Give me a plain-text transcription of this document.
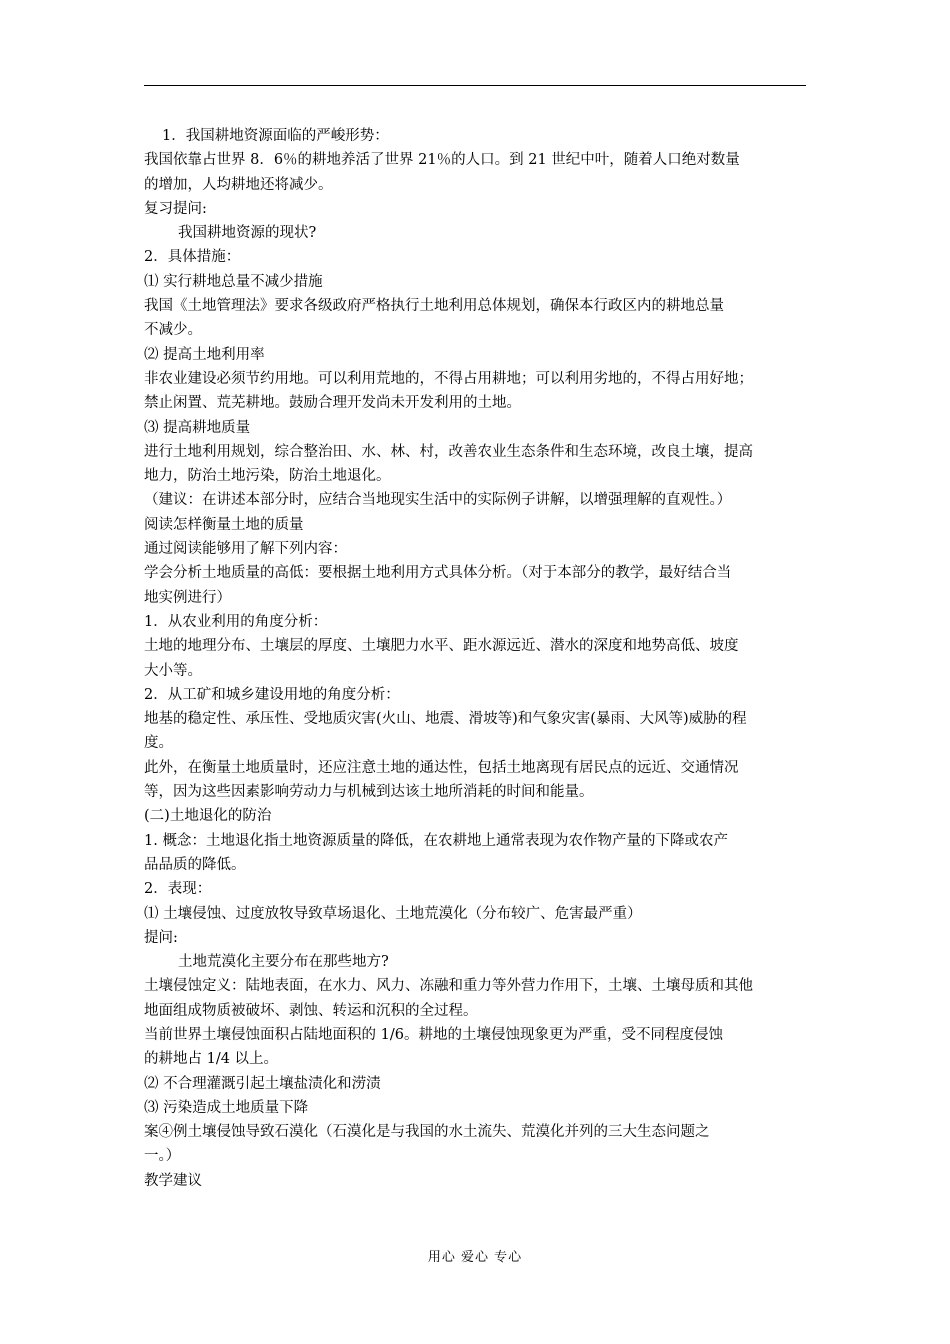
1．我国耕地资源面临的严峻形势：
我国依靠占世界 8．6％的耕地养活了世界 21％的人口。到 21 世纪中叶，随着人口绝对数量
的增加，人均耕地还将减少。
复习提问:
我国耕地资源的现状?
2．具体措施：
⑴ 实行耕地总量不减少措施
我国《土地管理法》要求各级政府严格执行土地利用总体规划，确保本行政区内的耕地总量
不减少。
⑵ 提高土地利用率
非农业建设必须节约用地。可以利用荒地的，不得占用耕地；可以利用劣地的，不得占用好地；
禁止闲置、荒芜耕地。鼓励合理开发尚未开发利用的土地。
⑶ 提高耕地质量
进行土地利用规划，综合整治田、水、林、村，改善农业生态条件和生态环境，改良土壤，提高
地力，防治土地污染，防治土地退化。
（建议：在讲述本部分时，应结合当地现实生活中的实际例子讲解，以增强理解的直观性。）
阅读怎样衡量土地的质量
通过阅读能够用了解下列内容：
学会分析土地质量的高低：要根据土地利用方式具体分析。（对于本部分的教学，最好结合当
地实例进行）
1．从农业利用的角度分析：
土地的地理分布、土壤层的厚度、土壤肥力水平、距水源远近、潜水的深度和地势高低、坡度
大小等。
2．从工矿和城乡建设用地的角度分析：
地基的稳定性、承压性、受地质灾害(火山、地震、滑坡等)和气象灾害(暴雨、大风等)威胁的程
度。
此外，在衡量土地质量时，还应注意土地的通达性，包括土地离现有居民点的远近、交通情况
等，因为这些因素影响劳动力与机械到达该土地所消耗的时间和能量。
(二)土地退化的防治
1. 概念：土地退化指土地资源质量的降低，在农耕地上通常表现为农作物产量的下降或农产
品品质的降低。
2．表现：
⑴ 土壤侵蚀、过度放牧导致草场退化、土地荒漠化（分布较广、危害最严重）
提问:
土地荒漠化主要分布在那些地方?
土壤侵蚀定义：陆地表面，在水力、风力、冻融和重力等外营力作用下，土壤、土壤母质和其他
地面组成物质被破坏、剥蚀、转运和沉积的全过程。
当前世界土壤侵蚀面积占陆地面积的 1/6。耕地的土壤侵蚀现象更为严重，受不同程度侵蚀
的耕地占 1/4 以上。
⑵ 不合理灌溉引起土壤盐渍化和涝渍
⑶ 污染造成土地质量下降
案④例土壤侵蚀导致石漠化（石漠化是与我国的水土流失、荒漠化并列的三大生态问题之
一。）
教学建议
用心 爱心 专心
